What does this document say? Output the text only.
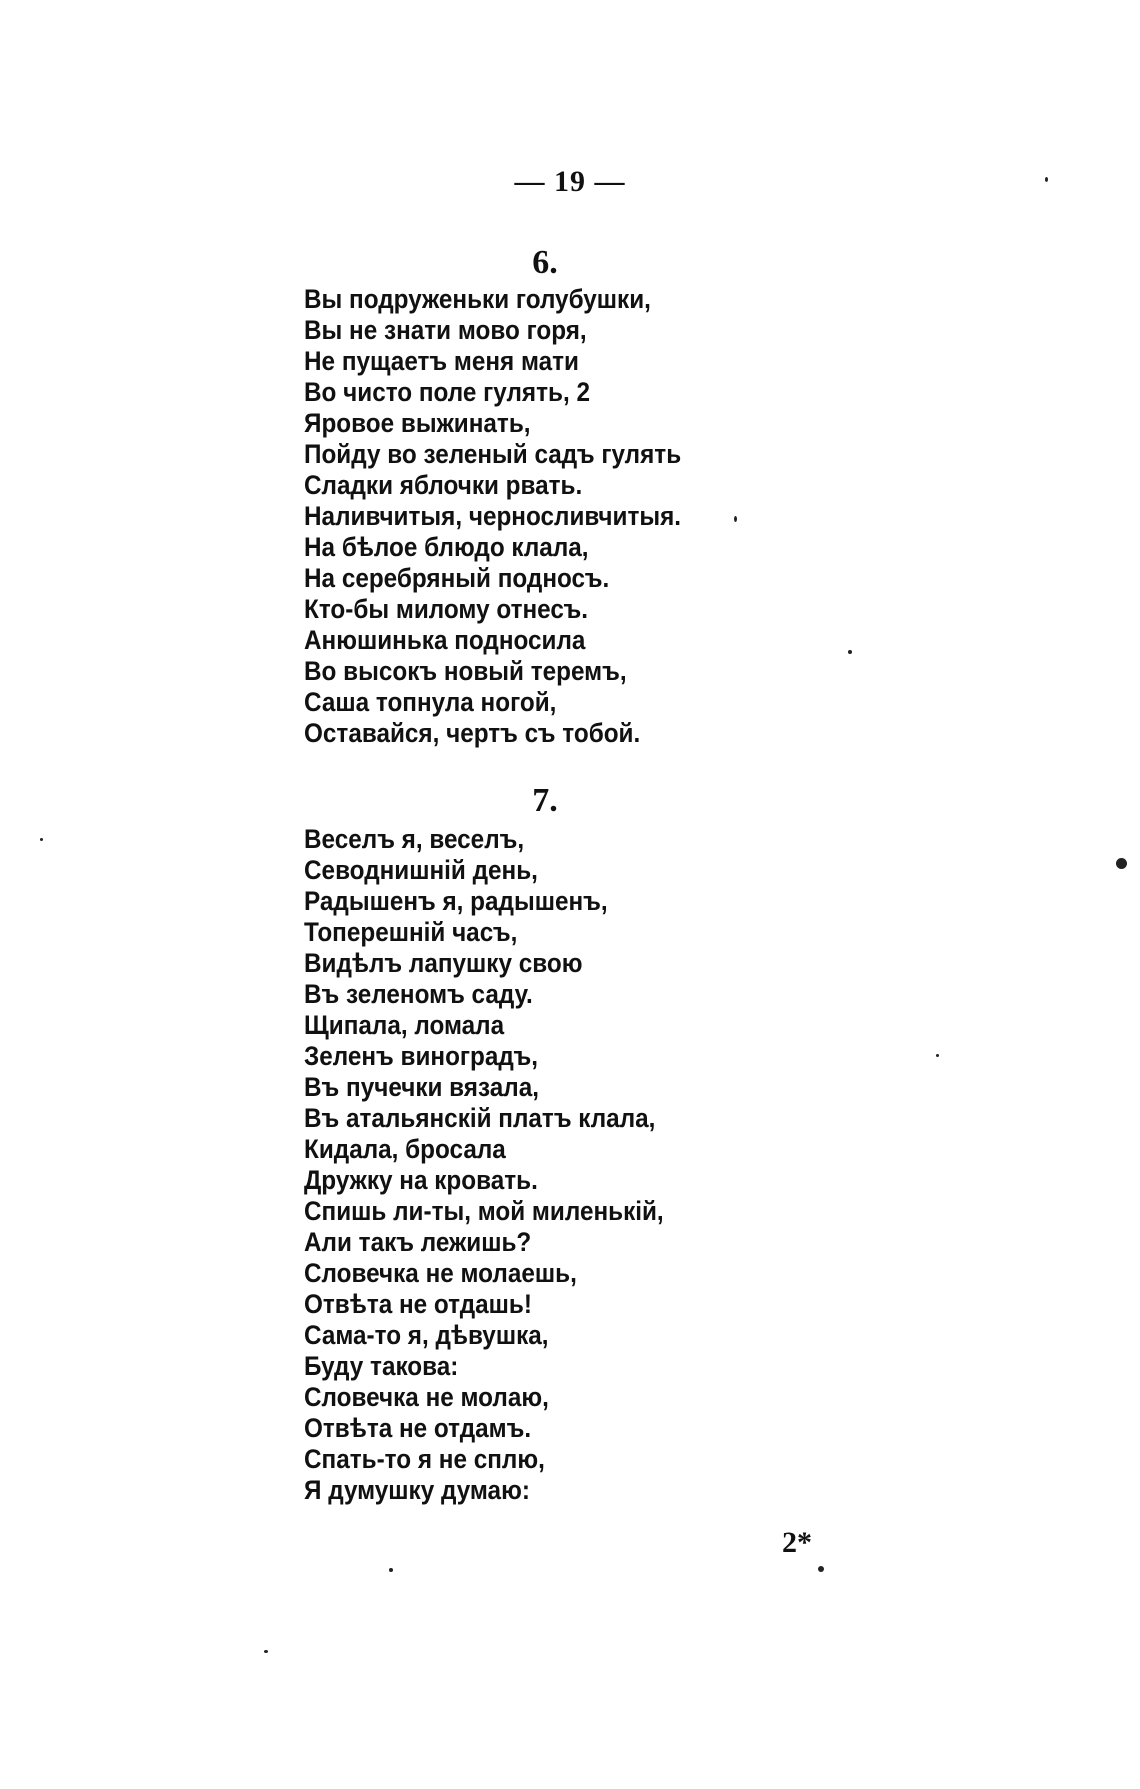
— 19 —
6.
Вы подруженьки голубушки,
Вы не знати мово горя,
Не пущаетъ меня мати
Во чисто поле гулять, 2
Яровое выжинать,
Пойду во зеленый садъ гулять
Сладки яблочки рвать.
Наливчитыя, черносливчитыя.
На бѣлое блюдо клала,
На серебряный подносъ.
Кто-бы милому отнесъ.
Анюшинька подносила
Во высокъ новый теремъ,
Саша топнула ногой,
Оставайся, чертъ съ тобой.
7.
Веселъ я, веселъ,
Севоднишній день,
Радышенъ я, радышенъ,
Топерешній часъ,
Видѣлъ лапушку свою
Въ зеленомъ саду.
Щипала, ломала
Зеленъ виноградъ,
Въ пучечки вязала,
Въ атальянскій платъ клала,
Кидала, бросала
Дружку на кровать.
Спишь ли-ты, мой миленькій,
Али такъ лежишь?
Словечка не молаешь,
Отвѣта не отдашь!
Сама-то я, дѣвушка,
Буду такова:
Словечка не молаю,
Отвѣта не отдамъ.
Спать-то я не сплю,
Я думушку думаю:
2*
